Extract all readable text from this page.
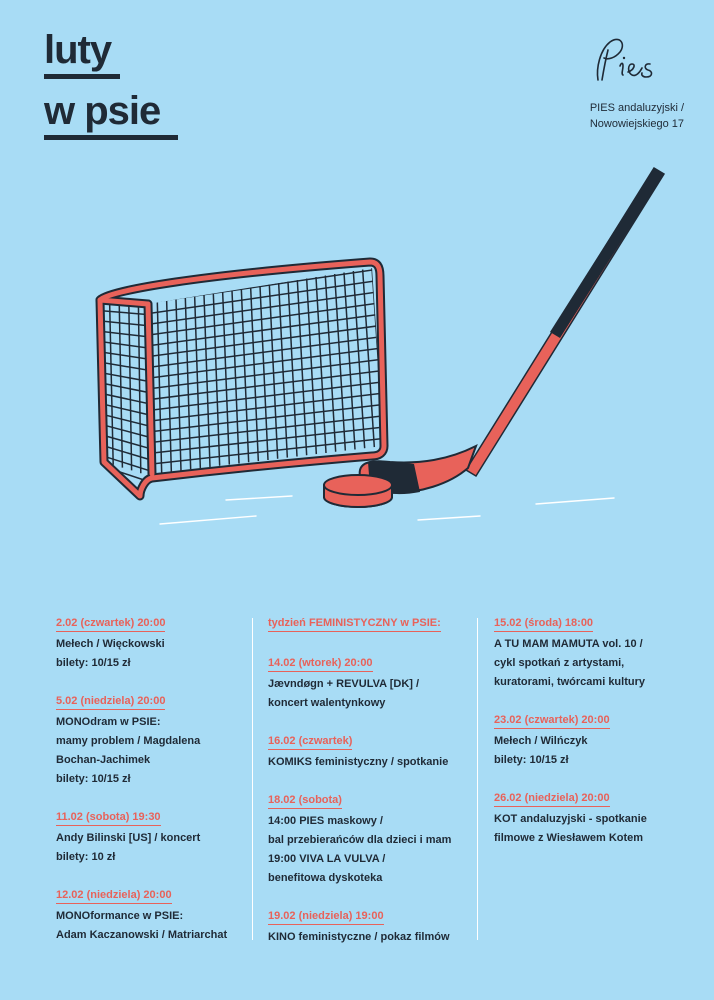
luty
w psie	PIES andaluzyjski /
Nowowiejskiego 17
2.02 (czwartek) 20:00
Mełech / Więckowski
bilety: 10/15 zł
5.02 (niedziela) 20:00
MONOdram w PSIE:
mamy problem / Magdalena
Bochan-Jachimek
bilety: 10/15 zł
11.02 (sobota) 19:30
Andy Bilinski [US] / koncert
bilety: 10 zł
12.02 (niedziela) 20:00
MONOformance w PSIE:
Adam Kaczanowski / Matriarchat
tydzień FEMINISTYCZNY w PSIE:
14.02 (wtorek) 20:00
Jævndøgn + REVULVA [DK] /
koncert walentynkowy
16.02 (czwartek)
KOMIKS feministyczny / spotkanie
18.02 (sobota)
14:00 PIES maskowy /
bal przebierańców dla dzieci i mam
19:00 VIVA LA VULVA /
benefitowa dyskoteka
19.02 (niedziela) 19:00
KINO feministyczne / pokaz filmów
15.02 (środa) 18:00
A TU MAM MAMUTA vol. 10 /
cykl spotkań z artystami,
kuratorami, twórcami kultury
23.02 (czwartek) 20:00
Mełech / Wilńczyk
bilety: 10/15 zł
26.02 (niedziela) 20:00
KOT andaluzyjski - spotkanie
filmowe z Wiesławem Kotem
